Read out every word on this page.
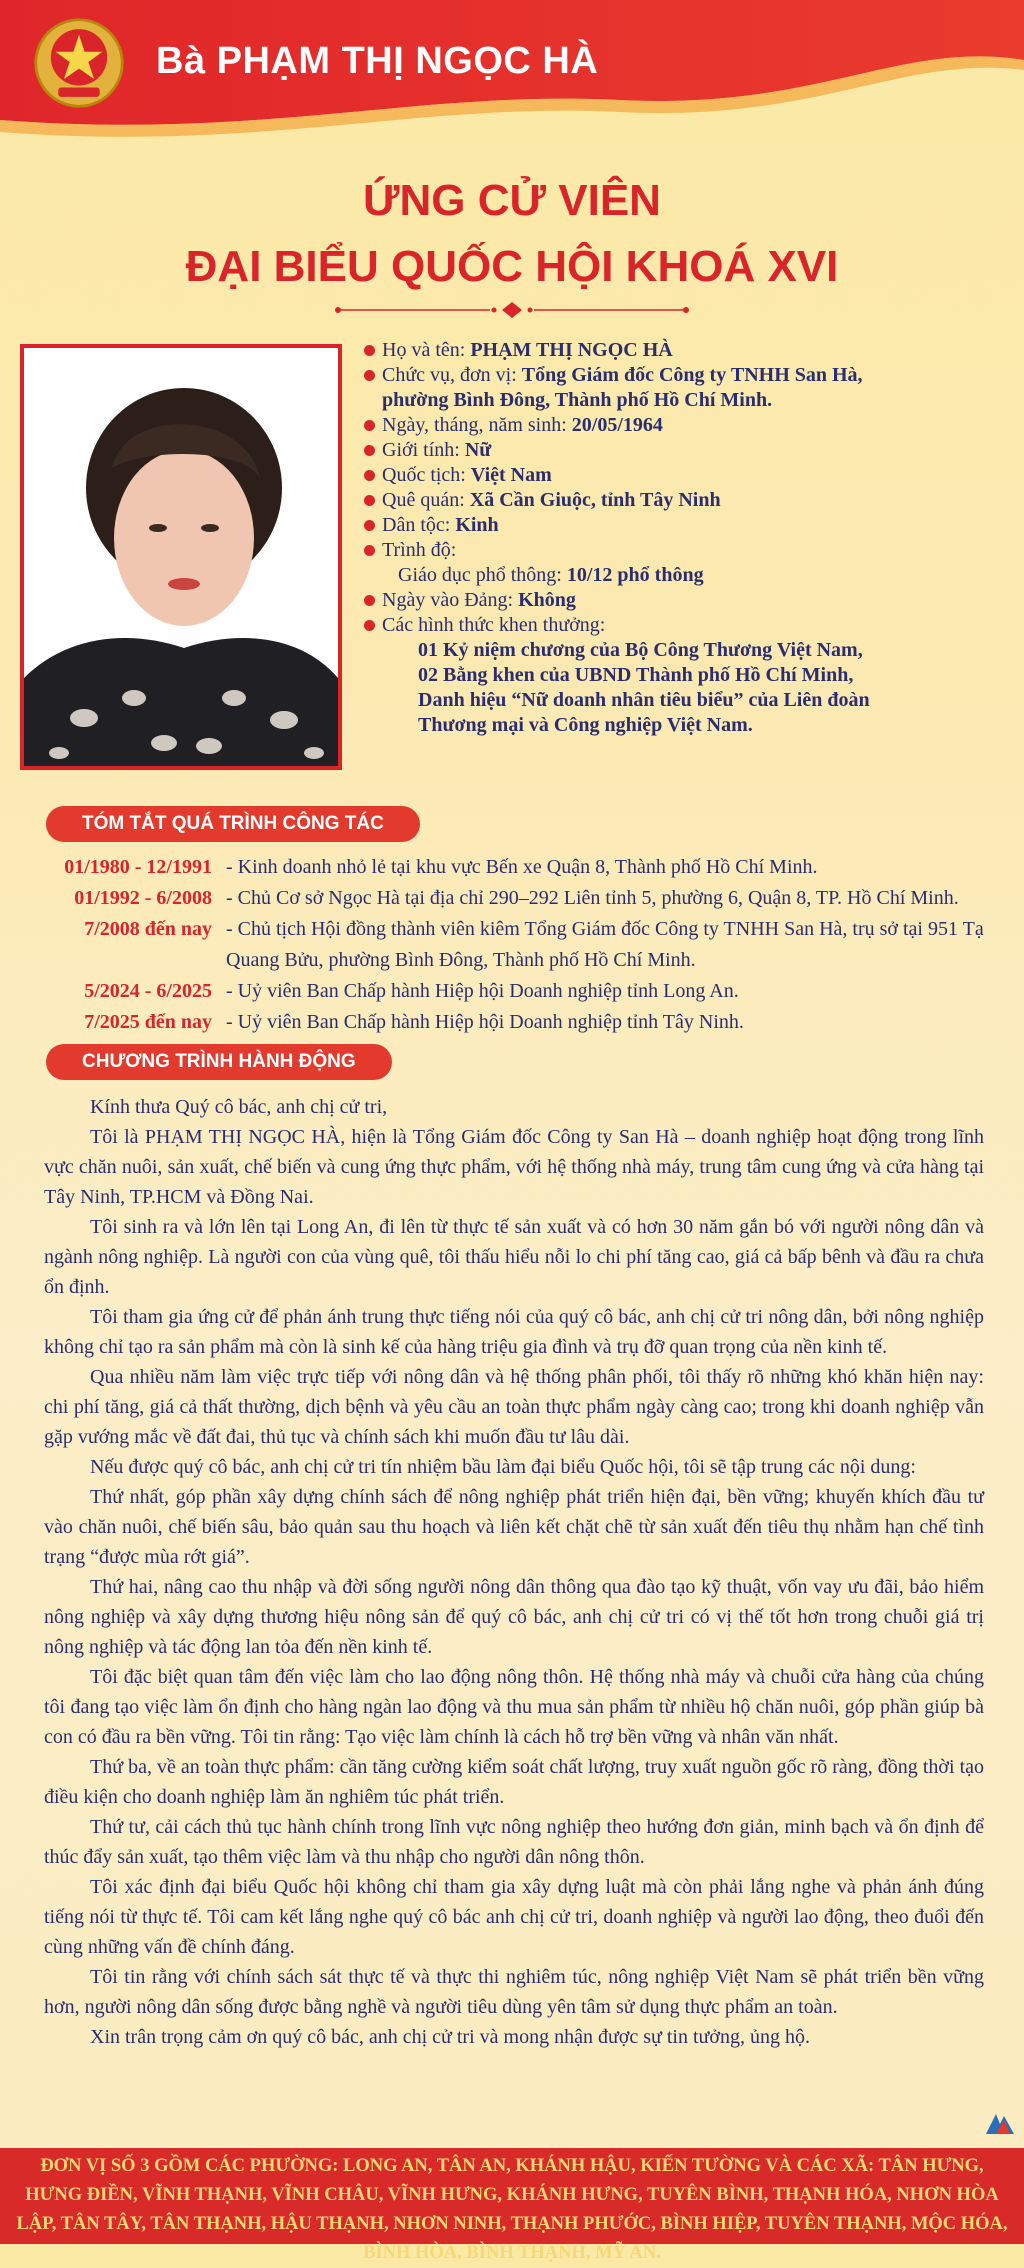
Bà PHẠM THỊ NGỌC HÀ
ỨNG CỬ VIÊN
ĐẠI BIỂU QUỐC HỘI KHOÁ XVI
Họ và tên: PHẠM THỊ NGỌC HÀ
Chức vụ, đơn vị: Tổng Giám đốc Công ty TNHH San Hà,
phường Bình Đông, Thành phố Hồ Chí Minh.
Ngày, tháng, năm sinh: 20/05/1964
Giới tính: Nữ
Quốc tịch: Việt Nam
Quê quán: Xã Cần Giuộc, tỉnh Tây Ninh
Dân tộc: Kinh
Trình độ:
Giáo dục phổ thông: 10/12 phổ thông
Ngày vào Đảng: Không
Các hình thức khen thưởng:
01 Kỷ niệm chương của Bộ Công Thương Việt Nam,
02 Bằng khen của UBND Thành phố Hồ Chí Minh,
Danh hiệu “Nữ doanh nhân tiêu biểu” của Liên đoàn
Thương mại và Công nghiệp Việt Nam.
TÓM TẮT QUÁ TRÌNH CÔNG TÁC
01/1980 - 12/1991 - Kinh doanh nhỏ lẻ tại khu vực Bến xe Quận 8, Thành phố Hồ Chí Minh.
01/1992 - 6/2008 - Chủ Cơ sở Ngọc Hà tại địa chỉ 290–292 Liên tỉnh 5, phường 6, Quận 8, TP. Hồ Chí Minh.
7/2008 đến nay - Chủ tịch Hội đồng thành viên kiêm Tổng Giám đốc Công ty TNHH San Hà, trụ sở tại 951 Tạ Quang Bửu, phường Bình Đông, Thành phố Hồ Chí Minh.
5/2024 - 6/2025 - Uỷ viên Ban Chấp hành Hiệp hội Doanh nghiệp tỉnh Long An.
7/2025 đến nay - Uỷ viên Ban Chấp hành Hiệp hội Doanh nghiệp tỉnh Tây Ninh.
CHƯƠNG TRÌNH HÀNH ĐỘNG

Kính thưa Quý cô bác, anh chị cử tri,

Tôi là PHẠM THỊ NGỌC HÀ, hiện là Tổng Giám đốc Công ty San Hà – doanh nghiệp hoạt động trong lĩnh vực chăn nuôi, sản xuất, chế biến và cung ứng thực phẩm, với hệ thống nhà máy, trung tâm cung ứng và cửa hàng tại Tây Ninh, TP.HCM và Đồng Nai.

Tôi sinh ra và lớn lên tại Long An, đi lên từ thực tế sản xuất và có hơn 30 năm gắn bó với người nông dân và ngành nông nghiệp. Là người con của vùng quê, tôi thấu hiểu nỗi lo chi phí tăng cao, giá cả bấp bênh và đầu ra chưa ổn định.

Tôi tham gia ứng cử để phản ánh trung thực tiếng nói của quý cô bác, anh chị cử tri nông dân, bởi nông nghiệp không chỉ tạo ra sản phẩm mà còn là sinh kế của hàng triệu gia đình và trụ đỡ quan trọng của nền kinh tế.

Qua nhiều năm làm việc trực tiếp với nông dân và hệ thống phân phối, tôi thấy rõ những khó khăn hiện nay: chi phí tăng, giá cả thất thường, dịch bệnh và yêu cầu an toàn thực phẩm ngày càng cao; trong khi doanh nghiệp vẫn gặp vướng mắc về đất đai, thủ tục và chính sách khi muốn đầu tư lâu dài.

Nếu được quý cô bác, anh chị cử tri tín nhiệm bầu làm đại biểu Quốc hội, tôi sẽ tập trung các nội dung:

Thứ nhất, góp phần xây dựng chính sách để nông nghiệp phát triển hiện đại, bền vững; khuyến khích đầu tư vào chăn nuôi, chế biến sâu, bảo quản sau thu hoạch và liên kết chặt chẽ từ sản xuất đến tiêu thụ nhằm hạn chế tình trạng “được mùa rớt giá”.

Thứ hai, nâng cao thu nhập và đời sống người nông dân thông qua đào tạo kỹ thuật, vốn vay ưu đãi, bảo hiểm nông nghiệp và xây dựng thương hiệu nông sản để quý cô bác, anh chị cử tri có vị thế tốt hơn trong chuỗi giá trị nông nghiệp và tác động lan tỏa đến nền kinh tế.

Tôi đặc biệt quan tâm đến việc làm cho lao động nông thôn. Hệ thống nhà máy và chuỗi cửa hàng của chúng tôi đang tạo việc làm ổn định cho hàng ngàn lao động và thu mua sản phẩm từ nhiều hộ chăn nuôi, góp phần giúp bà con có đầu ra bền vững. Tôi tin rằng: Tạo việc làm chính là cách hỗ trợ bền vững và nhân văn nhất.

Thứ ba, về an toàn thực phẩm: cần tăng cường kiểm soát chất lượng, truy xuất nguồn gốc rõ ràng, đồng thời tạo điều kiện cho doanh nghiệp làm ăn nghiêm túc phát triển.

Thứ tư, cải cách thủ tục hành chính trong lĩnh vực nông nghiệp theo hướng đơn giản, minh bạch và ổn định để thúc đẩy sản xuất, tạo thêm việc làm và thu nhập cho người dân nông thôn.

Tôi xác định đại biểu Quốc hội không chỉ tham gia xây dựng luật mà còn phải lắng nghe và phản ánh đúng tiếng nói từ thực tế. Tôi cam kết lắng nghe quý cô bác anh chị cử tri, doanh nghiệp và người lao động, theo đuổi đến cùng những vấn đề chính đáng.

Tôi tin rằng với chính sách sát thực tế và thực thi nghiêm túc, nông nghiệp Việt Nam sẽ phát triển bền vững hơn, người nông dân sống được bằng nghề và người tiêu dùng yên tâm sử dụng thực phẩm an toàn.

Xin trân trọng cảm ơn quý cô bác, anh chị cử tri và mong nhận được sự tin tưởng, ủng hộ.

ĐƠN VỊ SỐ 3 GỒM CÁC PHƯỜNG: LONG AN, TÂN AN, KHÁNH HẬU, KIẾN TƯỜNG VÀ CÁC XÃ: TÂN HƯNG, HƯNG ĐIỀN, VĨNH THẠNH, VĨNH CHÂU, VĨNH HƯNG, KHÁNH HƯNG, TUYÊN BÌNH, THẠNH HÓA, NHƠN HÒA LẬP, TÂN TÂY, TÂN THẠNH, HẬU THẠNH, NHƠN NINH, THẠNH PHƯỚC, BÌNH HIỆP, TUYÊN THẠNH, MỘC HÓA, BÌNH HÒA, BÌNH THẠNH, MỸ AN.
